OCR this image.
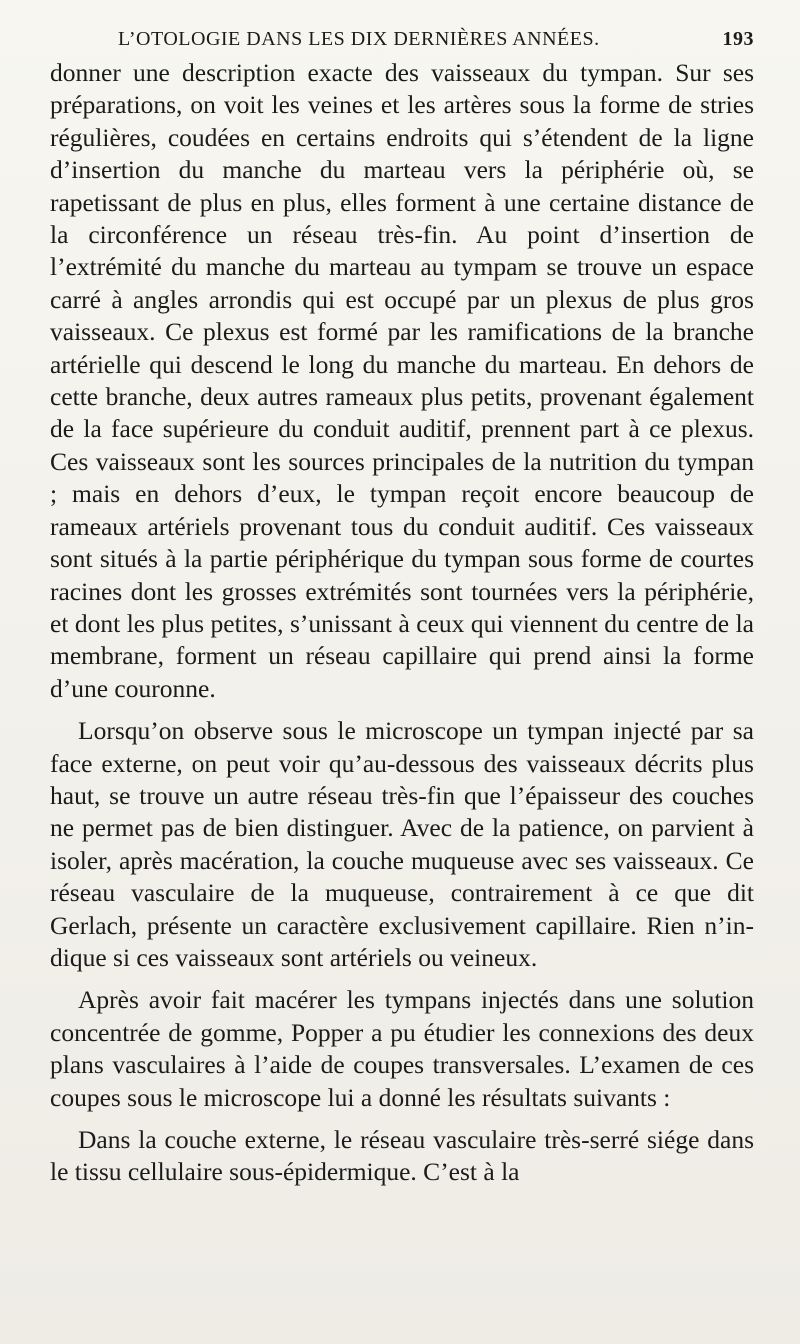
L’OTOLOGIE DANS LES DIX DERNIÈRES ANNÉES.	193

donner une description exacte des vaisseaux du tympan. Sur ses préparations, on voit les veines et les artères sous la forme de stries régulières, coudées en certains endroits qui s’étendent de la ligne d’insertion du manche du marteau vers la périphérie où, se rapetissant de plus en plus, elles forment à une certaine distance de la circonférence un réseau très-fin. Au point d’insertion de l’extrémité du manche du marteau au tympam se trouve un espace carré à angles arrondis qui est occupé par un plexus de plus gros vaisseaux. Ce plexus est formé par les ramifications de la branche artérielle qui descend le long du manche du marteau. En dehors de cette branche, deux autres rameaux plus petits, provenant également de la face supérieure du conduit auditif, prennent part à ce plexus. Ces vaisseaux sont les sources principales de la nutrition du tympan ; mais en dehors d’eux, le tympan reçoit encore beaucoup de rameaux artériels provenant tous du conduit auditif. Ces vaisseaux sont situés à la partie périphérique du tympan sous forme de courtes racines dont les grosses extrémités sont tournées vers la périphérie, et dont les plus petites, s’unissant à ceux qui viennent du centre de la membrane, forment un réseau capillaire qui prend ainsi la forme d’une couronne.

Lorsqu’on observe sous le microscope un tympan injecté par sa face externe, on peut voir qu’au-dessous des vaisseaux décrits plus haut, se trouve un autre réseau très-fin que l’épaisseur des couches ne permet pas de bien distinguer. Avec de la patience, on parvient à isoler, après macération, la couche muqueuse avec ses vaisseaux. Ce réseau vasculaire de la muqueuse, contrairement à ce que dit Gerlach, présente un caractère exclusivement capillaire. Rien n’indique si ces vaisseaux sont artériels ou veineux.

Après avoir fait macérer les tympans injectés dans une solution concentrée de gomme, Popper a pu étudier les connexions des deux plans vasculaires à l’aide de coupes transversales. L’examen de ces coupes sous le microscope lui a donné les résultats suivants :

Dans la couche externe, le réseau vasculaire très-serré siége dans le tissu cellulaire sous-épidermique. C’est à la
